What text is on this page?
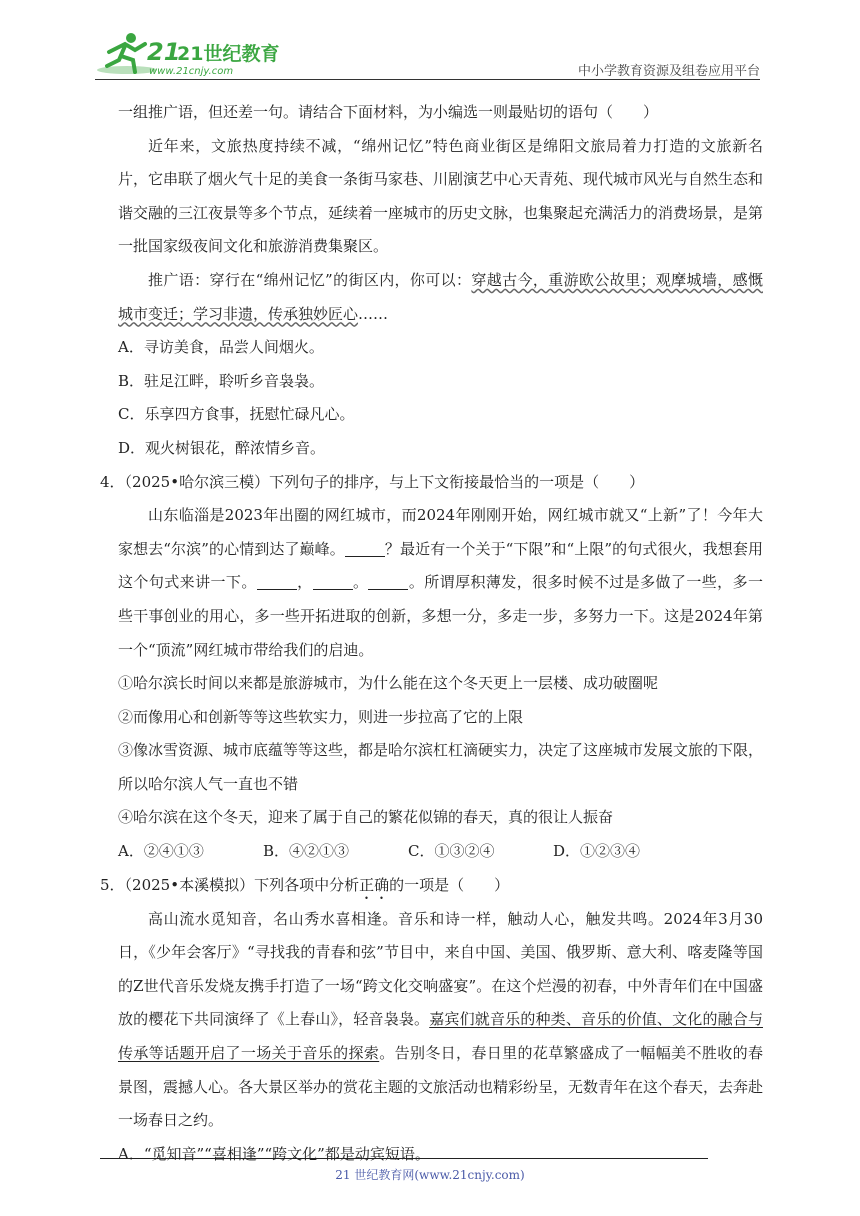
21
21世纪教育
www.21cnjy.com	中小学教育资源及组卷应用平台

一组推广语，但还差一句。请结合下面材料，为小编选一则最贴切的语句（　　）

近年来，文旅热度持续不减，“绵州记忆”特色商业街区是绵阳文旅局着力打造的文旅新名片，它串联了烟火气十足的美食一条街马家巷、川剧演艺中心天青苑、现代城市风光与自然生态和谐交融的三江夜景等多个节点，延续着一座城市的历史文脉，也集聚起充满活力的消费场景，是第一批国家级夜间文化和旅游消费集聚区。

推广语：穿行在“绵州记忆”的街区内，你可以：穿越古今，重游欧公故里；观摩城墙，感慨城市变迁；学习非遗，传承独妙匠心……

A．寻访美食，品尝人间烟火。

B．驻足江畔，聆听乡音袅袅。

C．乐享四方食事，抚慰忙碌凡心。

D．观火树银花，醉浓情乡音。

4．（2025•哈尔滨三模）下列句子的排序，与上下文衔接最恰当的一项是（　　）

山东临淄是2023年出圈的网红城市，而2024年刚刚开始，网红城市就又“上新”了！今年大家想去“尔滨”的心情到达了巅峰。	？最近有一个关于“下限”和“上限”的句式很火，我想套用这个句式来讲一下。	，	。	。所谓厚积薄发，很多时候不过是多做了一些，多一些干事创业的用心，多一些开拓进取的创新，多想一分，多走一步，多努力一下。这是2024年第一个“顶流”网红城市带给我们的启迪。

①哈尔滨长时间以来都是旅游城市，为什么能在这个冬天更上一层楼、成功破圈呢

②而像用心和创新等等这些软实力，则进一步拉高了它的上限

③像冰雪资源、城市底蕴等等这些，都是哈尔滨杠杠滴硬实力，决定了这座城市发展文旅的下限，所以哈尔滨人气一直也不错

④哈尔滨在这个冬天，迎来了属于自己的繁花似锦的春天，真的很让人振奋

A．②④①③	B．④②①③	C．①③②④	D．①②③④

5．（2025•本溪模拟）下列各项中分析正确的一项是（　　）

高山流水觅知音，名山秀水喜相逢。音乐和诗一样，触动人心，触发共鸣。2024年3月30日，《少年会客厅》“寻找我的青春和弦”节目中，来自中国、美国、俄罗斯、意大利、喀麦隆等国的Z世代音乐发烧友携手打造了一场“跨文化交响盛宴”。在这个烂漫的初春，中外青年们在中国盛放的樱花下共同演绎了《上春山》，轻音袅袅。嘉宾们就音乐的种类、音乐的价值、文化的融合与传承等话题开启了一场关于音乐的探索。告别冬日，春日里的花草繁盛成了一幅幅美不胜收的春景图，震撼人心。各大景区举办的赏花主题的文旅活动也精彩纷呈，无数青年在这个春天，去奔赴一场春日之约。

A．“觅知音”“喜相逢”“跨文化”都是动宾短语。

21 世纪教育网(www.21cnjy.com)
